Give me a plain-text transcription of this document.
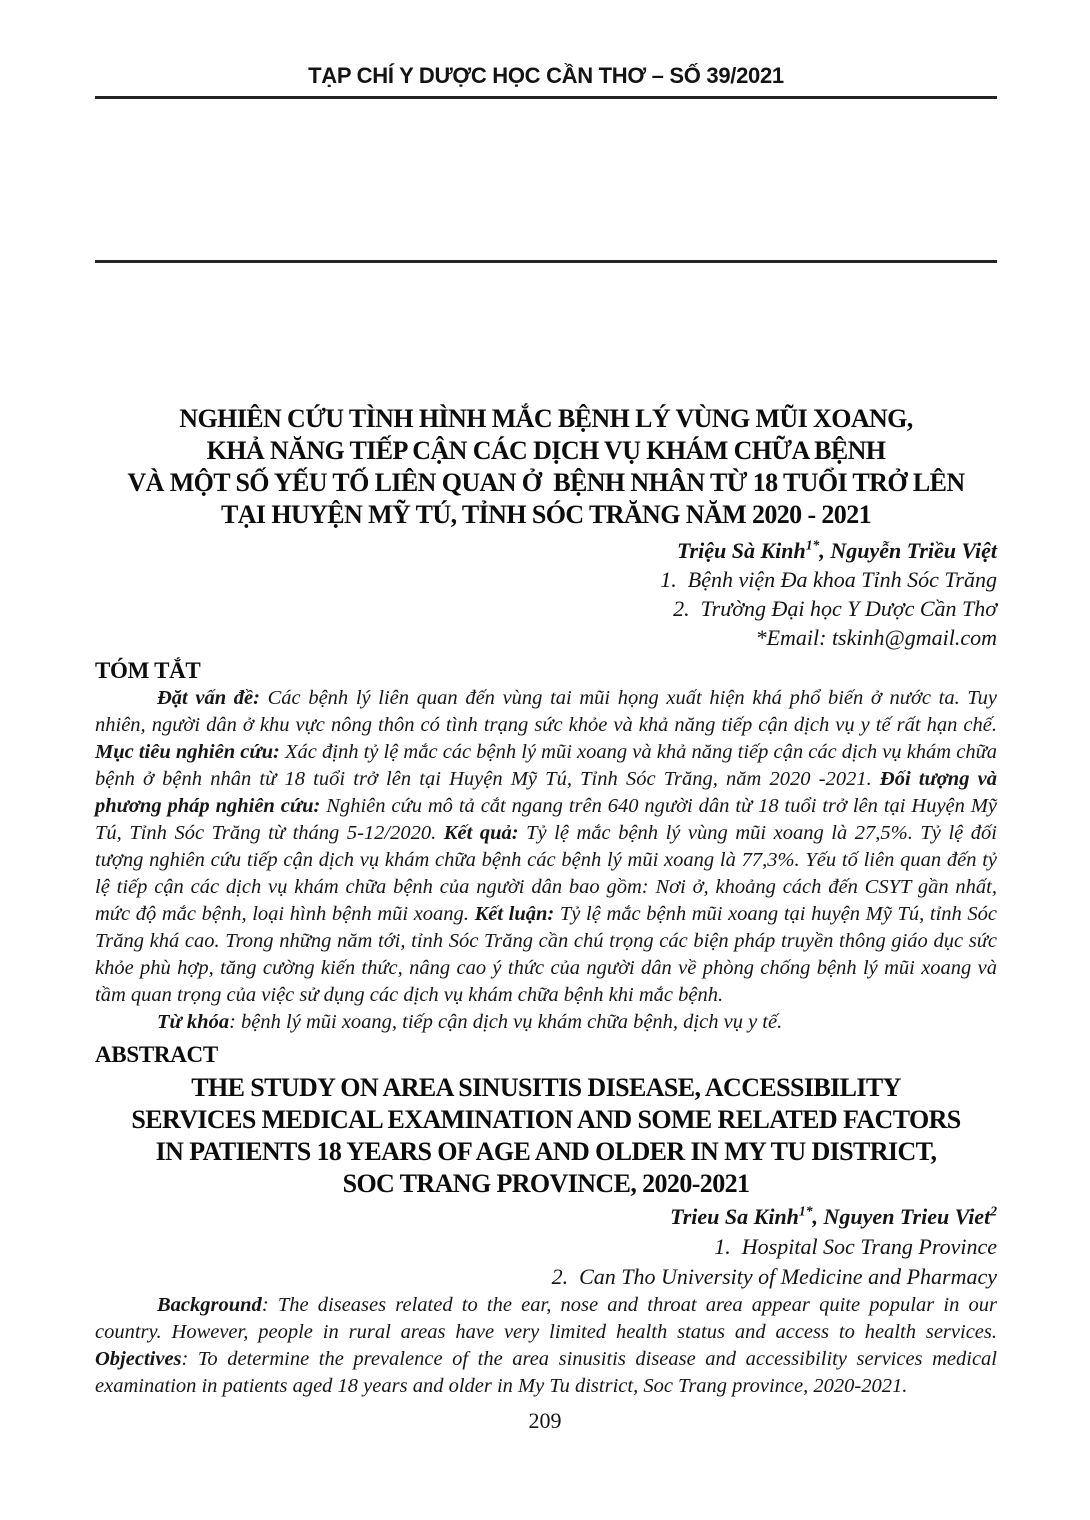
TẠP CHÍ Y DƯỢC HỌC CẦN THƠ – SỐ 39/2021
NGHIÊN CỨU TÌNH HÌNH MẮC BỆNH LÝ VÙNG MŨI XOANG,
KHẢ NĂNG TIẾP CẬN CÁC DỊCH VỤ KHÁM CHỮA BỆNH
VÀ MỘT SỐ YẾU TỐ LIÊN QUAN Ở  BỆNH NHÂN TỪ 18 TUỔI TRỞ LÊN
TẠI HUYỆN MỸ TÚ, TỈNH SÓC TRĂNG NĂM 2020 - 2021
Triệu Sà Kinh$^{1*}$, Nguyễn Triều Việt
1.  Bệnh viện Đa khoa Tỉnh Sóc Trăng
2.  Trường Đại học Y Dược Cần Thơ
*Email: tskinh@gmail.com
TÓM TẮT

Đặt vấn đề: Các bệnh lý liên quan đến vùng tai mũi họng xuất hiện khá phổ biến ở nước ta. Tuy nhiên, người dân ở khu vực nông thôn có tình trạng sức khỏe và khả năng tiếp cận dịch vụ y tế rất hạn chế. Mục tiêu nghiên cứu: Xác định tỷ lệ mắc các bệnh lý mũi xoang và khả năng tiếp cận các dịch vụ khám chữa bệnh ở bệnh nhân từ 18 tuổi trở lên tại Huyện Mỹ Tú, Tỉnh Sóc Trăng, năm 2020 -2021. Đối tượng và phương pháp nghiên cứu: Nghiên cứu mô tả cắt ngang trên 640 người dân từ 18 tuổi trở lên tại Huyện Mỹ Tú, Tỉnh Sóc Trăng từ tháng 5-12/2020. Kết quả: Tỷ lệ mắc bệnh lý vùng mũi xoang là 27,5%. Tỷ lệ đối tượng nghiên cứu tiếp cận dịch vụ khám chữa bệnh các bệnh lý mũi xoang là 77,3%. Yếu tố liên quan đến tỷ lệ tiếp cận các dịch vụ khám chữa bệnh của người dân bao gồm: Nơi ở, khoảng cách đến CSYT gần nhất, mức độ mắc bệnh, loại hình bệnh mũi xoang. Kết luận: Tỷ lệ mắc bệnh mũi xoang tại huyện Mỹ Tú, tỉnh Sóc Trăng khá cao. Trong những năm tới, tỉnh Sóc Trăng cần chú trọng các biện pháp truyền thông giáo dục sức khỏe phù hợp, tăng cường kiến thức, nâng cao ý thức của người dân về phòng chống bệnh lý mũi xoang và tầm quan trọng của việc sử dụng các dịch vụ khám chữa bệnh khi mắc bệnh.

Từ khóa: bệnh lý mũi xoang, tiếp cận dịch vụ khám chữa bệnh, dịch vụ y tế.

ABSTRACT
THE STUDY ON AREA SINUSITIS DISEASE, ACCESSIBILITY
SERVICES MEDICAL EXAMINATION AND SOME RELATED FACTORS
IN PATIENTS 18 YEARS OF AGE AND OLDER IN MY TU DISTRICT,
SOC TRANG PROVINCE, 2020-2021
Trieu Sa Kinh$^{1*}$, Nguyen Trieu Viet$^2$
1.  Hospital Soc Trang Province
2.  Can Tho University of Medicine and Pharmacy

Background: The diseases related to the ear, nose and throat area appear quite popular in our country. However, people in rural areas have very limited health status and access to health services. Objectives: To determine the prevalence of the area sinusitis disease and accessibility services medical examination in patients aged 18 years and older in My Tu district, Soc Trang province, 2020-2021.

209
